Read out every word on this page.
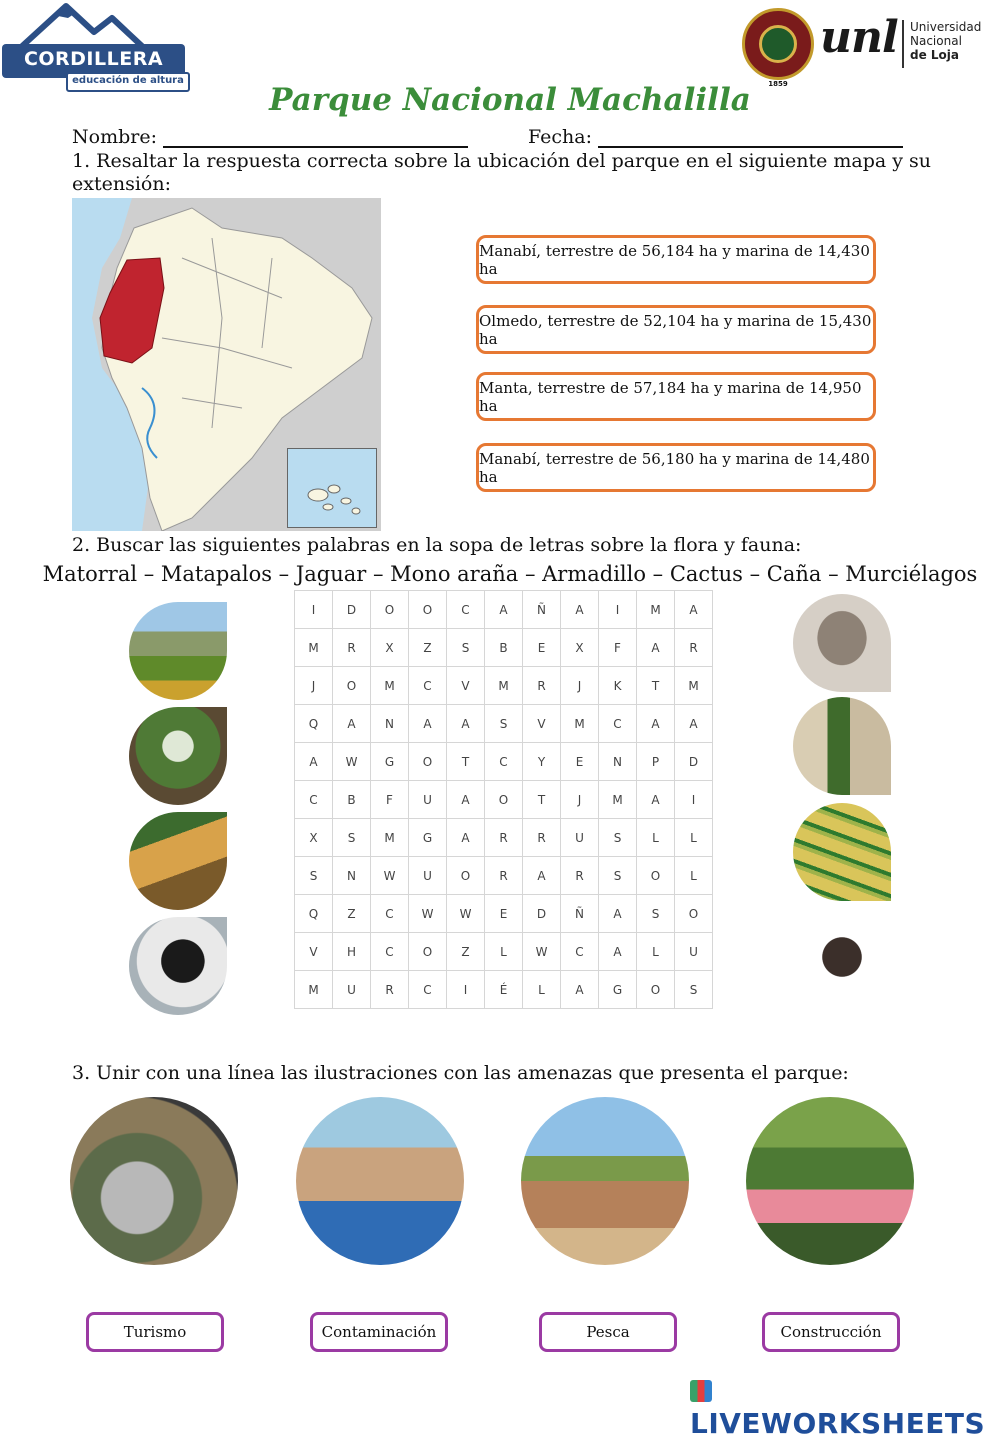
CORDILLERA
educación de altura	1859
unl Universidad
Nacional
de Loja
Parque Nacional Machalilla
Nombre:	Fecha:
1. Resaltar la respuesta correcta sobre la ubicación del parque en el siguiente mapa y su extensión:
Manabí, terrestre de 56,184 ha y marina de 14,430 ha
Olmedo, terrestre de 52,104 ha y marina de 15,430 ha
Manta, terrestre de 57,184 ha y marina de 14,950 ha
Manabí, terrestre de 56,180 ha y marina de 14,480 ha
2. Buscar las siguientes palabras en la sopa de letras sobre la flora y fauna:
Matorral – Matapalos – Jaguar – Mono araña – Armadillo – Cactus – Caña – Murciélagos
I	D	O	O	C	A	Ñ	A	I	M	A
M	R	X	Z	S	B	E	X	F	A	R
J	O	M	C	V	M	R	J	K	T	M
Q	A	N	A	A	S	V	M	C	A	A
A	W	G	O	T	C	Y	E	N	P	D
C	B	F	U	A	O	T	J	M	A	I
X	S	M	G	A	R	R	U	S	L	L
S	N	W	U	O	R	A	R	S	O	L
Q	Z	C	W	W	E	D	Ñ	A	S	O
V	H	C	O	Z	L	W	C	A	L	U
M	U	R	C	I	É	L	A	G	O	S
3. Unir con una línea las ilustraciones con las amenazas que presenta el parque:
Turismo	Contaminación	Pesca	Construcción
LIVEWORKSHEETS
